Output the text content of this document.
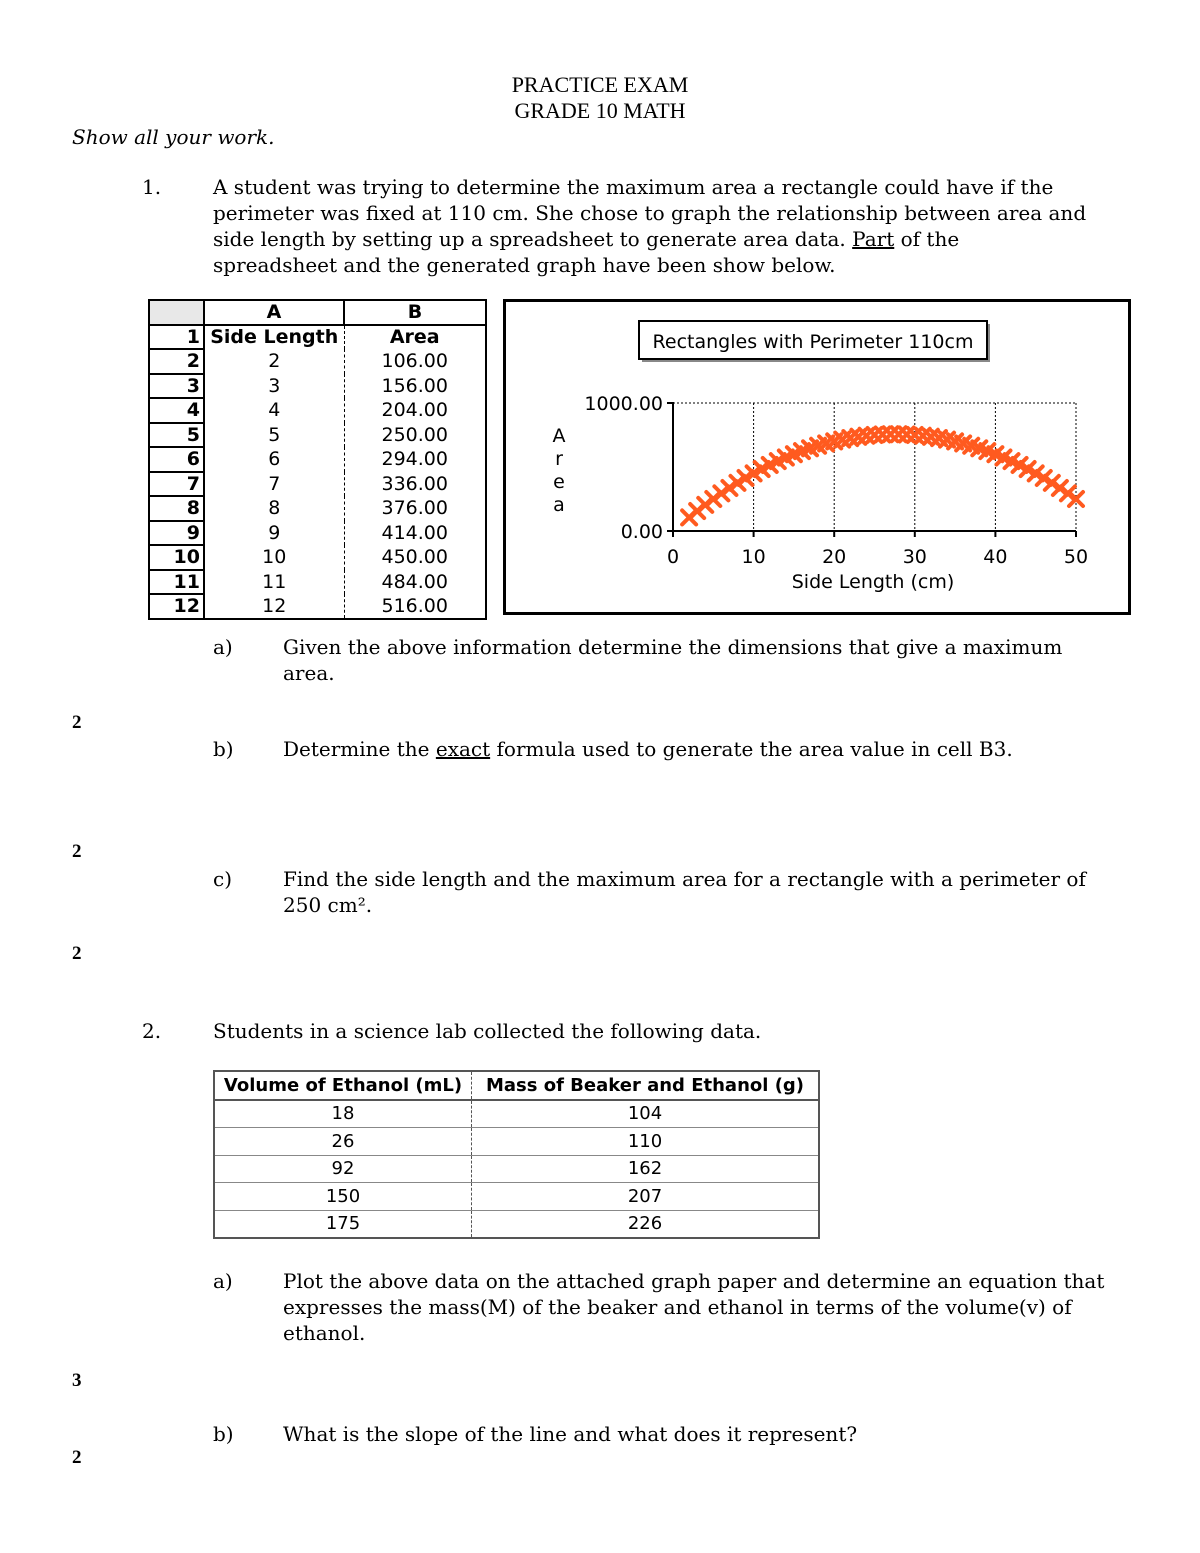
PRACTICE EXAM
GRADE 10 MATH
Show all your work.
1.	A student was trying to determine the maximum area a rectangle could have if the
perimeter was fixed at 110 cm. She chose to graph the relationship between area and
side length by setting up a spreadsheet to generate area data. Part of the
spreadsheet and the generated graph have been show below.
	A	B
1	Side Length	Area
2	2	106.00
3	3	156.00
4	4	204.00
5	5	250.00
6	6	294.00
7	7	336.00
8	8	376.00
9	9	414.00
10	10	450.00
11	11	484.00
12	12	516.00
Rectangles with Perimeter 110cm
A
r
e
a
0	10	20	30	40	50
0.00
1000.00
Side Length (cm)
a)	Given the above information determine the dimensions that give a maximum
area.
2
b) Determine the exact formula used to generate the area value in cell B3.
2
c)	Find the side length and the maximum area for a rectangle with a perimeter of
250 cm².
2
2.	Students in a science lab collected the following data.
Volume of Ethanol (mL)	Mass of Beaker and Ethanol (g)
18	104
26	110
92	162
150	207
175	226
a)	Plot the above data on the attached graph paper and determine an equation that
expresses the mass(M) of the beaker and ethanol in terms of the volume(v) of
ethanol.
3
b) What is the slope of the line and what does it represent?
2
